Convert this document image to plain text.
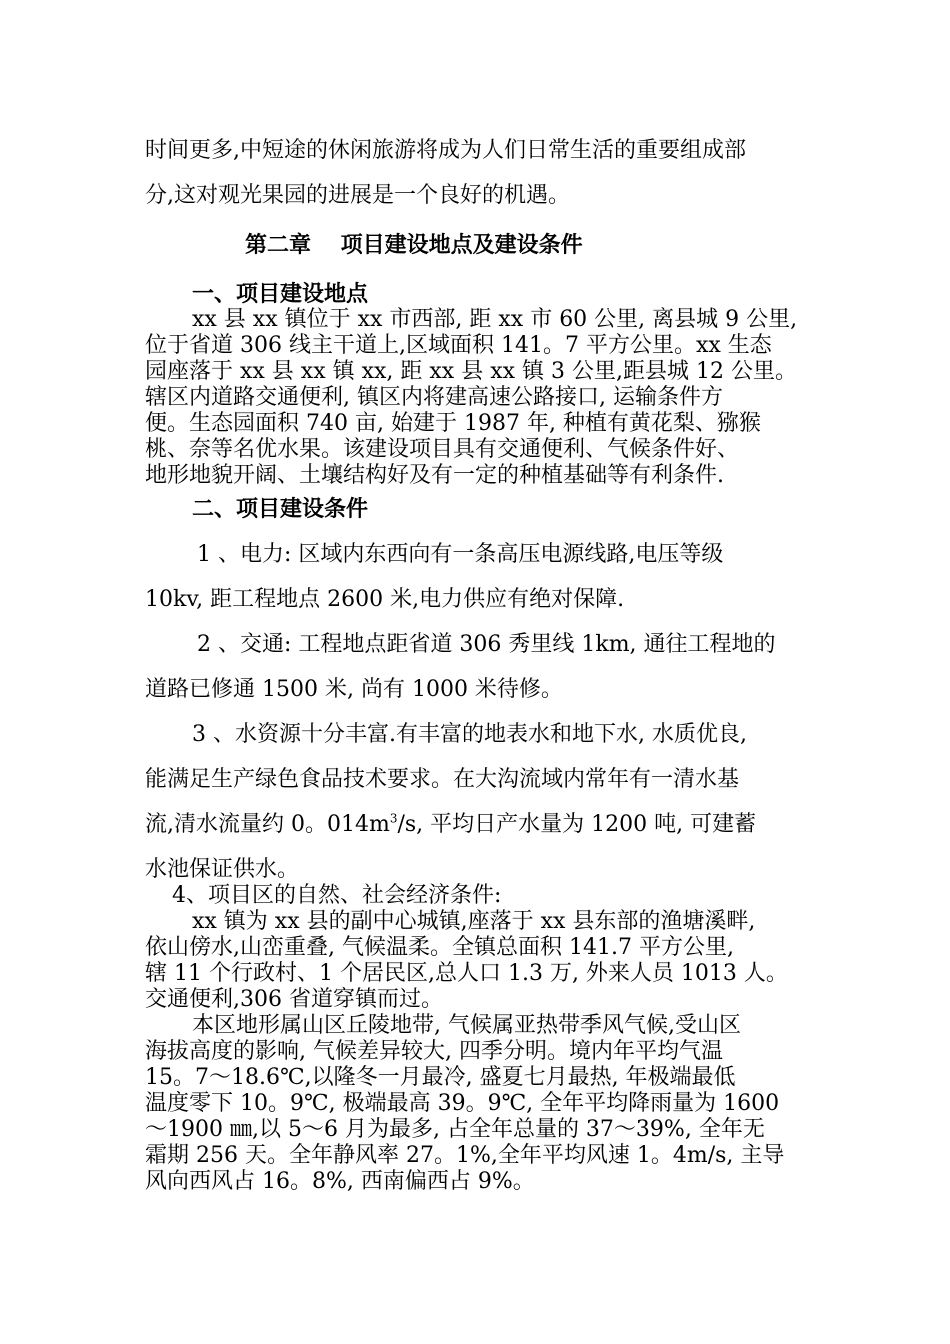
时间更多,中短途的休闲旅游将成为人们日常生活的重要组成部
分,这对观光果园的进展是一个良好的机遇。
第二章　 项目建设地点及建设条件
一、项目建设地点
xx 县 xx 镇位于 xx 市西部, 距 xx 市 60 公里, 离县城 9 公里,
位于省道 306 线主干道上,区域面积 141。7 平方公里。xx 生态
园座落于 xx 县 xx 镇 xx, 距 xx 县 xx 镇 3 公里,距县城 12 公里。
辖区内道路交通便利, 镇区内将建高速公路接口, 运输条件方
便。生态园面积 740 亩, 始建于 1987 年, 种植有黄花梨、猕猴
桃、奈等名优水果。该建设项目具有交通便利、气候条件好、
地形地貌开阔、土壤结构好及有一定的种植基础等有利条件.
二、项目建设条件
1 、电力: 区域内东西向有一条高压电源线路,电压等级
10kv, 距工程地点 2600 米,电力供应有绝对保障.
2 、交通: 工程地点距省道 306 秀里线 1km, 通往工程地的
道路已修通 1500 米, 尚有 1000 米待修。
3 、水资源十分丰富.有丰富的地表水和地下水, 水质优良,
能满足生产绿色食品技术要求。在大沟流域内常年有一清水基
流,清水流量约 0。$014m^3/s$, 平均日产水量为 1200 吨, 可建蓄
水池保证供水。
4、项目区的自然、社会经济条件:
xx 镇为 xx 县的副中心城镇,座落于 xx 县东部的渔塘溪畔,
依山傍水,山峦重叠, 气候温柔。全镇总面积 141.7 平方公里,
辖 11 个行政村、1 个居民区,总人口 1.3 万, 外来人员 1013 人。
交通便利,306 省道穿镇而过。
本区地形属山区丘陵地带, 气候属亚热带季风气候,受山区
海拔高度的影响, 气候差异较大, 四季分明。境内年平均气温
15。7～18.6℃,以隆冬一月最冷, 盛夏七月最热, 年极端最低
温度零下 10。9℃, 极端最高 39。9℃, 全年平均降雨量为 1600
～1900 ㎜,以 5～6 月为最多, 占全年总量的 37～39%, 全年无
霜期 256 天。全年静风率 27。1%,全年平均风速 1。4m/s, 主导
风向西风占 16。8%, 西南偏西占 9%。
